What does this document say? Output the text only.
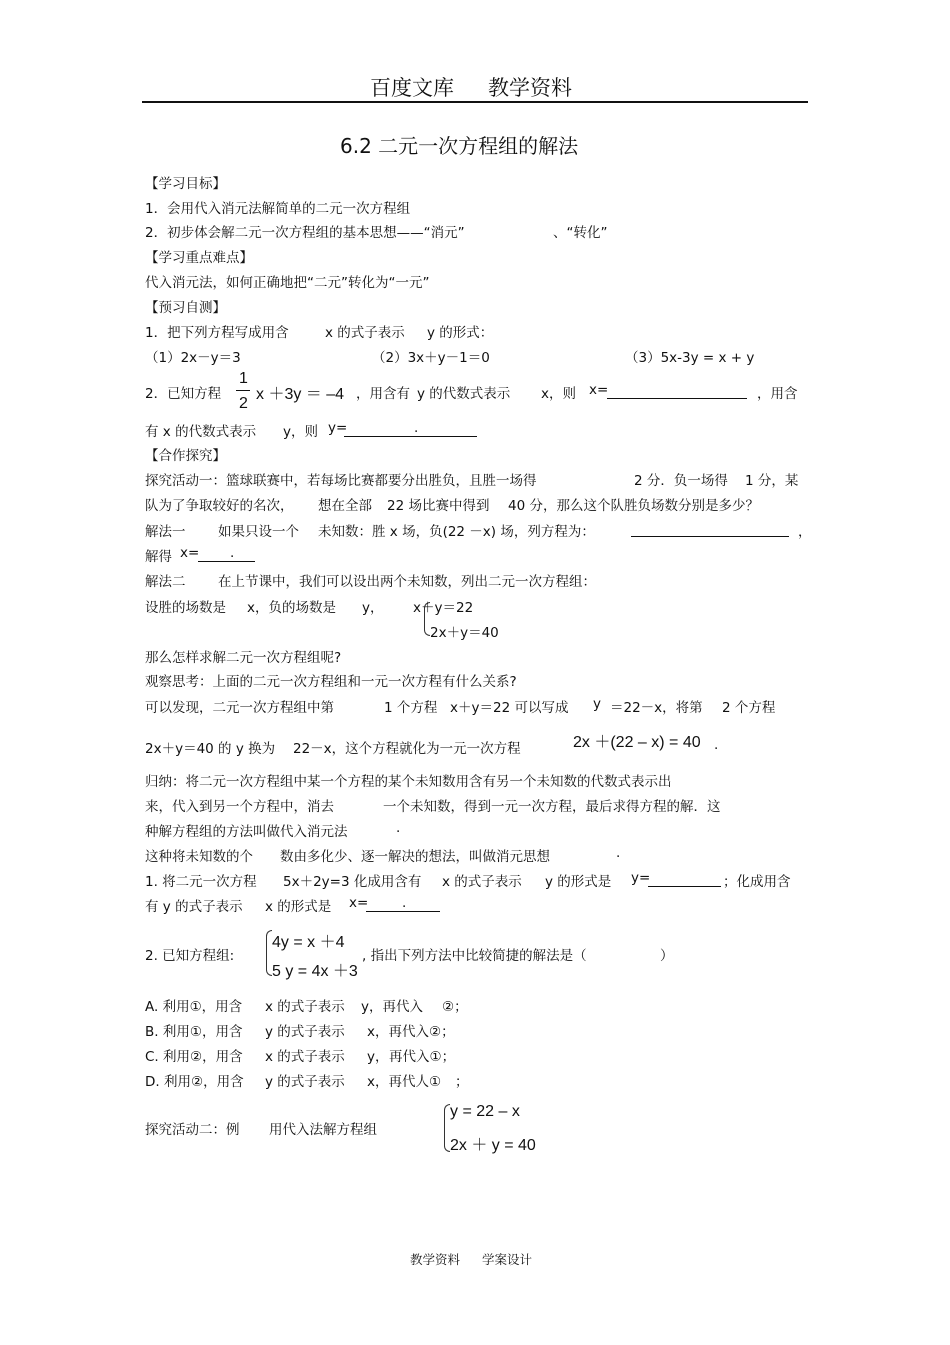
百度文库 教学资料
6.2 二元一次方程组的解法
【学习目标】
1．会用代入消元法解简单的二元一次方程组
2．初步体会解二元一次方程组的基本思想——“消元”	、“转化”
【学习重点难点】
代入消元法，如何正确地把“二元”转化为“一元”
【预习自测】
1．把下列方程写成用含	x 的式子表示 y 的形式：
（1）2x－y＝3	（2）3x＋y－1＝0	（3）5x-3y = x + y
2．已知方程
1
2
x ＋3y ＝ –4 ，用含有 y 的代数式表示 x，则 x=	，用含
有 x 的代数式表示 y，则 y=	.
【合作探究】
探究活动一：篮球联赛中，若每场比赛都要分出胜负，且胜一场得	2 分．负一场得 1 分，某
队为了争取较好的名次， 想在全部 22 场比赛中得到 40 分，那么这个队胜负场数分别是多少？
解法一 如果只设一个 未知数：胜 x 场，负(22 －x) 场，列方程为：	，
解得 x= .
解法二 在上节课中，我们可以设出两个未知数，列出二元一次方程组：
设胜的场数是 x，负的场数是 y， x＋y＝22
2x＋y＝40
那么怎样求解二元一次方程组呢?
观察思考：上面的二元一次方程组和一元一次方程有什么关系?
可以发现，二元一次方程组中第	1 个方程 x＋y＝22 可以写成 y ＝22－x，将第 2 个方程
2x＋y＝40 的 y 换为 22－x，这个方程就化为一元一次方程	2x ＋(22 – x) = 40 .
归纳：将二元一次方程组中某一个方程的某个未知数用含有另一个未知数的代数式表示出
来，代入到另一个方程中，消去	一个未知数，得到一元一次方程，最后求得方程的解．这
种解方程组的方法叫做代入消元法	.
这种将未知数的个 数由多化少、逐一解决的想法，叫做消元思想	.
1. 将二元一次方程 5x＋2y=3 化成用含有 x 的式子表示 y 的形式是 y=	；化成用含
有 y 的式子表示 x 的形式是 x= .
2. 已知方程组:
4y = x ＋4
5 y = 4x ＋3
, 指出下列方法中比较简捷的解法是（	）
A. 利用①，用含 x 的式子表示 y，再代入 ②；
B. 利用①，用含 y 的式子表示 x，再代入②；
C. 利用②，用含 x 的式子表示 y， 再代入①；
D. 利用②，用含 y 的式子表示 x，再代人① ；
探究活动二：例 用代入法解方程组
y = 22 – x
2x ＋ y = 40
教学资料 学案设计
